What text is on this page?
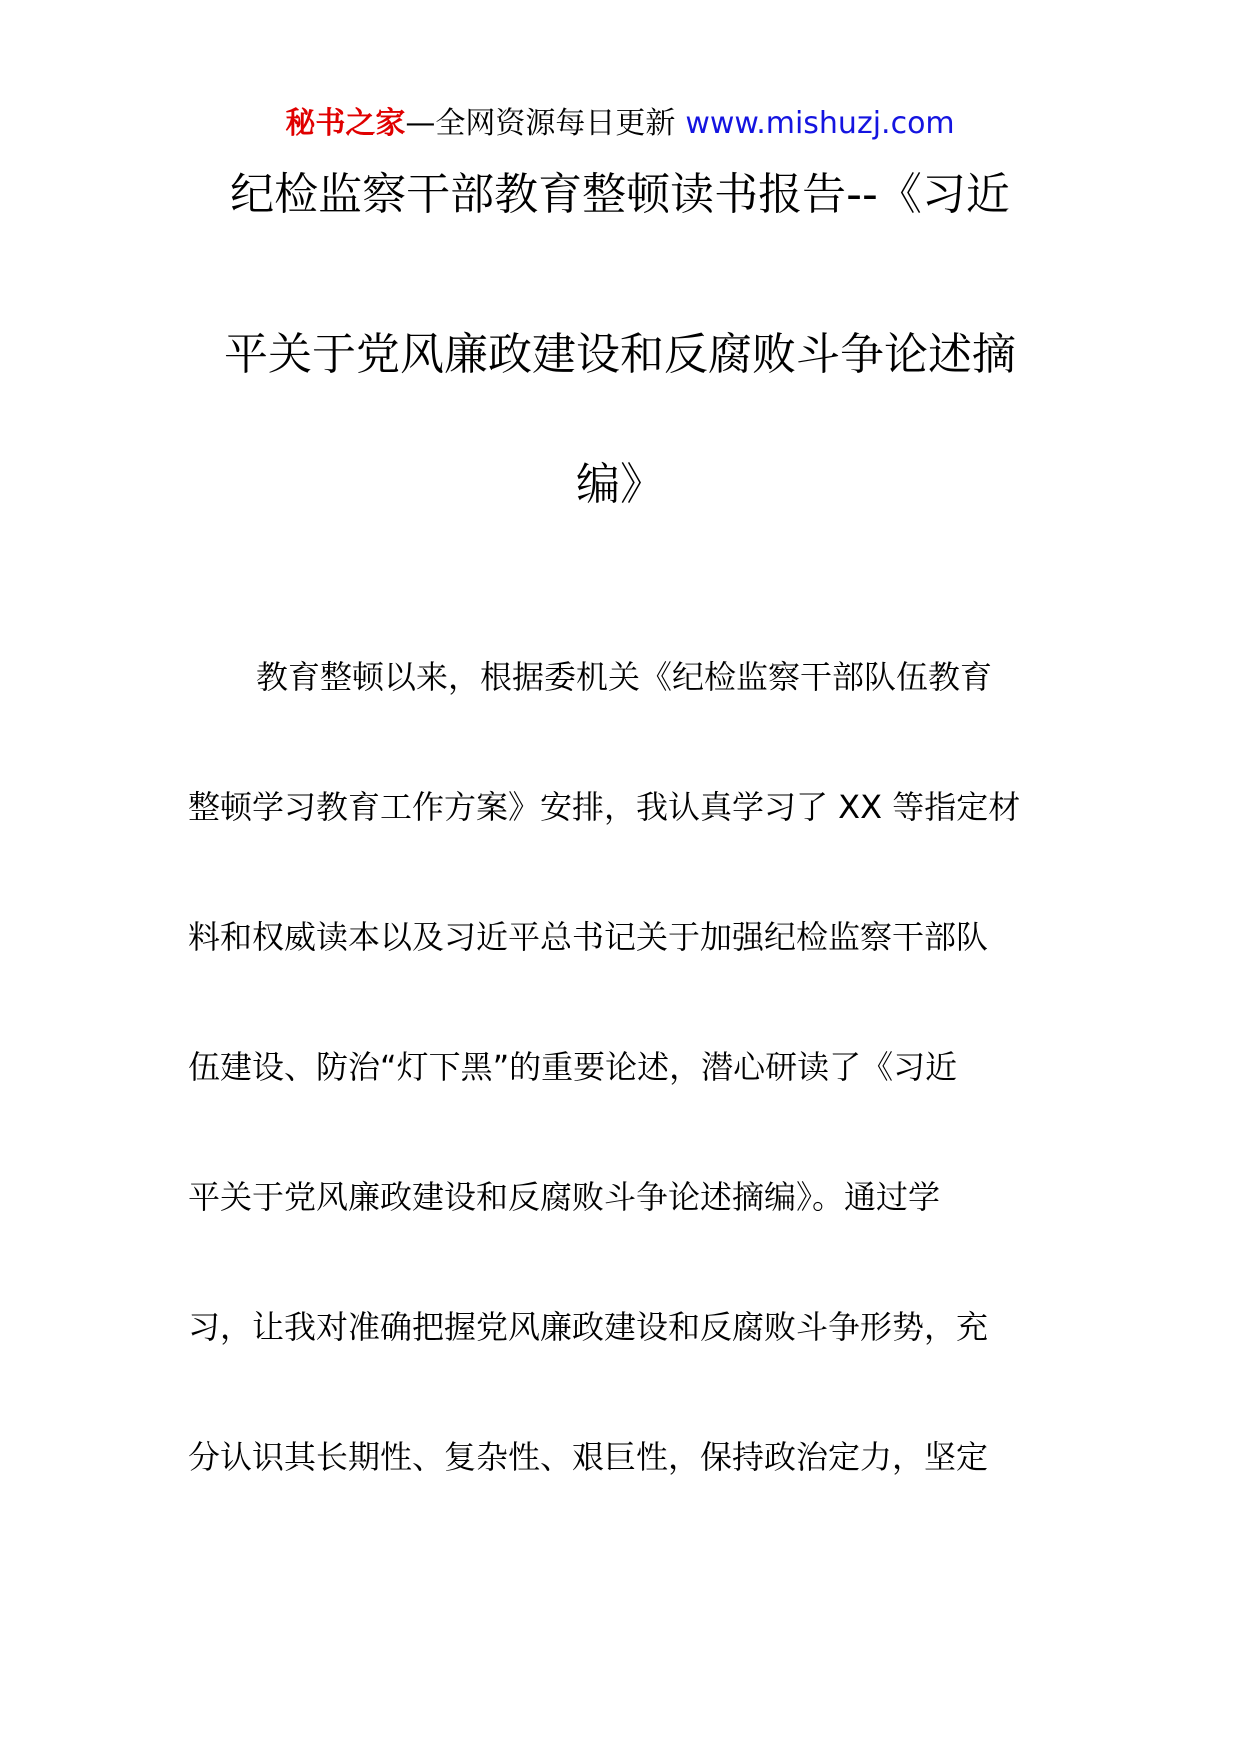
秘书之家—全网资源每日更新 www.mishuzj.com
纪检监察干部教育整顿读书报告--《习近
平关于党风廉政建设和反腐败斗争论述摘
编》
教育整顿以来，根据委机关《纪检监察干部队伍教育
整顿学习教育工作方案》安排，我认真学习了 XX 等指定材
料和权威读本以及习近平总书记关于加强纪检监察干部队
伍建设、防治“灯下黑”的重要论述，潜心研读了《习近
平关于党风廉政建设和反腐败斗争论述摘编》。通过学
习，让我对准确把握党风廉政建设和反腐败斗争形势，充
分认识其长期性、复杂性、艰巨性，保持政治定力，坚定
